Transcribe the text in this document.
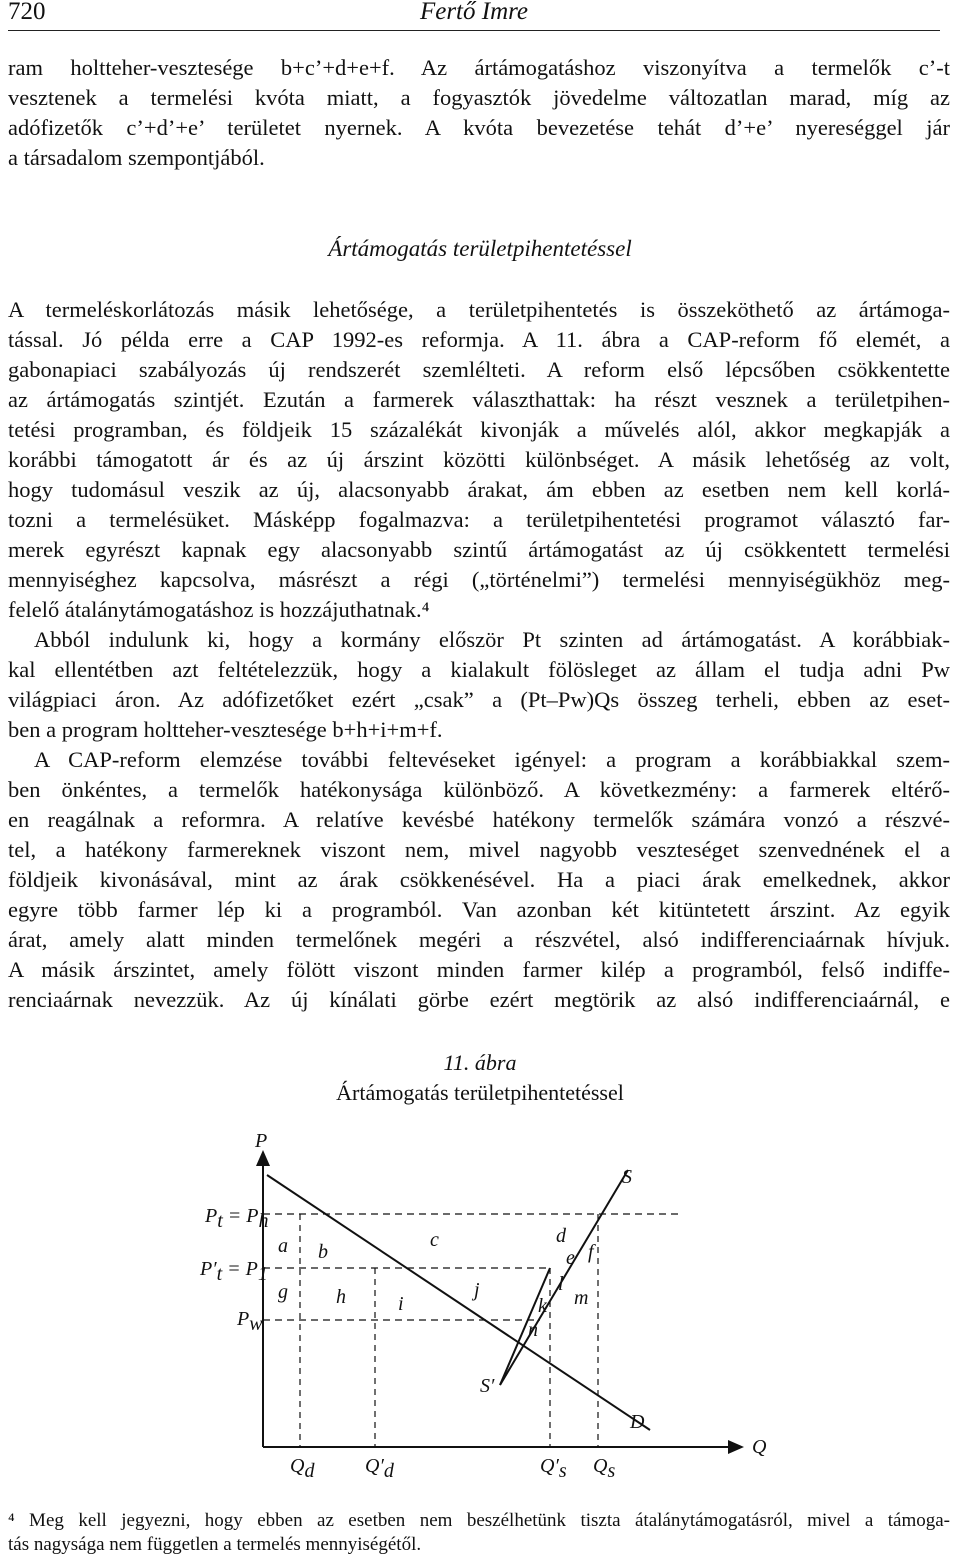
720	Fertő Imre

ram holtteher-vesztesége b+c’+d+e+f. Az ártámogatáshoz viszonyítva a termelők c’-t

vesztenek a termelési kvóta miatt, a fogyasztók jövedelme változatlan marad, míg az

adófizetők c’+d’+e’ területet nyernek. A kvóta bevezetése tehát d’+e’ nyereséggel jár

a társadalom szempontjából.

Ártámogatás területpihentetéssel

A termeléskorlátozás másik lehetősége, a területpihentetés is összeköthető az ártámoga-

tással. Jó példa erre a CAP 1992-es reformja. A 11. ábra a CAP-reform fő elemét, a

gabonapiaci szabályozás új rendszerét szemlélteti. A reform első lépcsőben csökkentette

az ártámogatás szintjét. Ezután a farmerek választhattak: ha részt vesznek a területpihen-

tetési programban, és földjeik 15 százalékát kivonják a művelés alól, akkor megkapják a

korábbi támogatott ár és az új árszint közötti különbséget. A másik lehetőség az volt,

hogy tudomásul veszik az új, alacsonyabb árakat, ám ebben az esetben nem kell korlá-

tozni a termelésüket. Másképp fogalmazva: a területpihentetési programot választó far-

merek egyrészt kapnak egy alacsonyabb szintű ártámogatást az új csökkentett termelési

mennyiséghez kapcsolva, másrészt a régi („történelmi”) termelési mennyiségükhöz meg-

felelő átalánytámogatáshoz is hozzájuthatnak.⁴

Abból indulunk ki, hogy a kormány először Pt szinten ad ártámogatást. A korábbiak-

kal ellentétben azt feltételezzük, hogy a kialakult fölösleget az állam el tudja adni Pw

világpiaci áron. Az adófizetőket ezért „csak” a (Pt–Pw)Qs összeg terheli, ebben az eset-

ben a program holtteher-vesztesége b+h+i+m+f.

A CAP-reform elemzése további feltevéseket igényel: a program a korábbiakkal szem-

ben önkéntes, a termelők hatékonysága különböző. A következmény: a farmerek eltérő-

en reagálnak a reformra. A relatíve kevésbé hatékony termelők számára vonzó a részvé-

tel, a hatékony farmereknek viszont nem, mivel nagyobb veszteséget szenvednének el a

földjeik kivonásával, mint az árak csökkenésével. Ha a piaci árak emelkednek, akkor

egyre több farmer lép ki a programból. Van azonban két kitüntetett árszint. Az egyik

árat, amely alatt minden termelőnek megéri a részvétel, alsó indifferenciaárnak hívjuk.

A másik árszintet, amely fölött viszont minden farmer kilép a programból, felső indiffe-

renciaárnak nevezzük. Az új kínálati görbe ezért megtörik az alsó indifferenciaárnál, e

11. ábra
Ártámogatás területpihentetéssel
P
Q
S
S′
D
Pt = Ph
P′t = P1
Pw
Qd	Q′d	Q′s Qs
a b
c	d
e f
g h	i
j
k
l
m
n

⁴ Meg kell jegyezni, hogy ebben az esetben nem beszélhetünk tiszta átalánytámogatásról, mivel a támoga-

tás nagysága nem független a termelés mennyiségétől.
